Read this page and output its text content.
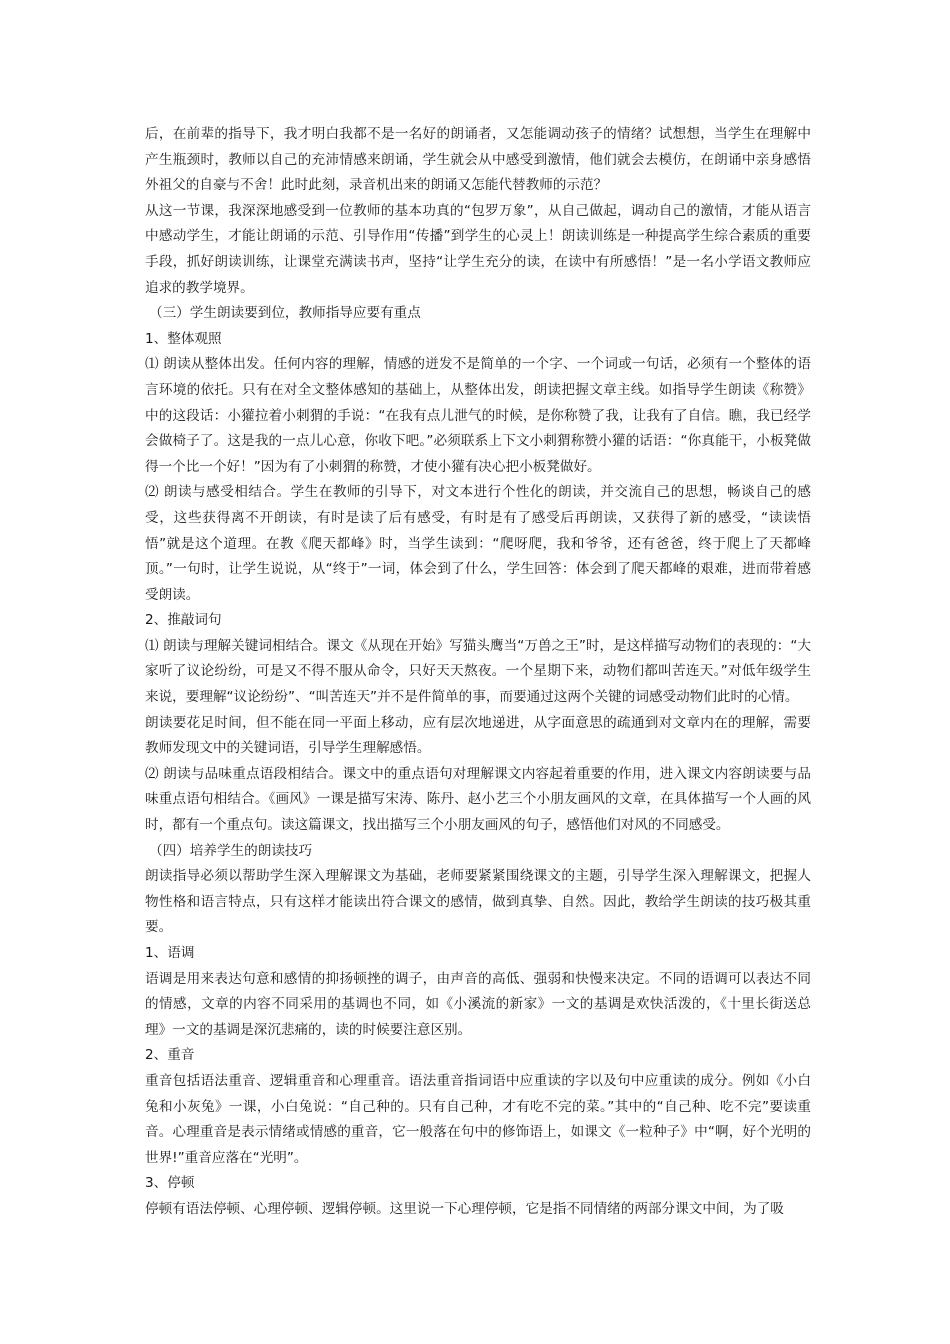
后，在前辈的指导下，我才明白我都不是一名好的朗诵者，又怎能调动孩子的情绪？试想想，当学生在理解中产生瓶颈时，教师以自己的充沛情感来朗诵，学生就会从中感受到激情，他们就会去模仿，在朗诵中亲身感悟外祖父的自豪与不舍！此时此刻，录音机出来的朗诵又怎能代替教师的示范？

从这一节课，我深深地感受到一位教师的基本功真的“包罗万象”，从自己做起，调动自己的激情，才能从语言中感动学生，才能让朗诵的示范、引导作用“传播”到学生的心灵上！朗读训练是一种提高学生综合素质的重要手段，抓好朗读训练，让课堂充满读书声，坚持“让学生充分的读，在读中有所感悟！”是一名小学语文教师应追求的教学境界。

（三）学生朗读要到位，教师指导应要有重点

1、整体观照

⑴ 朗读从整体出发。任何内容的理解，情感的迸发不是简单的一个字、一个词或一句话，必须有一个整体的语言环境的依托。只有在对全文整体感知的基础上，从整体出发，朗读把握文章主线。如指导学生朗读《称赞》中的这段话：小獾拉着小刺猬的手说：“在我有点儿泄气的时候，是你称赞了我，让我有了自信。瞧，我已经学会做椅子了。这是我的一点儿心意，你收下吧。”必须联系上下文小刺猬称赞小獾的话语：“你真能干，小板凳做得一个比一个好！”因为有了小刺猬的称赞，才使小獾有决心把小板凳做好。

⑵ 朗读与感受相结合。学生在教师的引导下，对文本进行个性化的朗读，并交流自己的思想，畅谈自己的感受，这些获得离不开朗读，有时是读了后有感受，有时是有了感受后再朗读，又获得了新的感受，“读读悟悟”就是这个道理。在教《爬天都峰》时，当学生读到：“爬呀爬，我和爷爷，还有爸爸，终于爬上了天都峰顶。”一句时，让学生说说，从“终于”一词，体会到了什么，学生回答：体会到了爬天都峰的艰难，进而带着感受朗读。

2、推敲词句

⑴ 朗读与理解关键词相结合。课文《从现在开始》写猫头鹰当“万兽之王”时，是这样描写动物们的表现的：“大家听了议论纷纷，可是又不得不服从命令，只好天天熬夜。一个星期下来，动物们都叫苦连天。”对低年级学生来说，要理解“议论纷纷”、“叫苦连天”并不是件简单的事，而要通过这两个关键的词感受动物们此时的心情。

朗读要花足时间，但不能在同一平面上移动，应有层次地递进，从字面意思的疏通到对文章内在的理解，需要教师发现文中的关键词语，引导学生理解感悟。

⑵ 朗读与品味重点语段相结合。课文中的重点语句对理解课文内容起着重要的作用，进入课文内容朗读要与品味重点语句相结合。《画风》一课是描写宋涛、陈丹、赵小艺三个小朋友画风的文章，在具体描写一个人画的风时，都有一个重点句。读这篇课文，找出描写三个小朋友画风的句子，感悟他们对风的不同感受。

（四）培养学生的朗读技巧

朗读指导必须以帮助学生深入理解课文为基础，老师要紧紧围绕课文的主题，引导学生深入理解课文，把握人物性格和语言特点，只有这样才能读出符合课文的感情，做到真挚、自然。因此，教给学生朗读的技巧极其重要。

1、语调

语调是用来表达句意和感情的抑扬顿挫的调子，由声音的高低、强弱和快慢来决定。不同的语调可以表达不同的情感，文章的内容不同采用的基调也不同，如《小溪流的新家》一文的基调是欢快活泼的，《十里长街送总理》一文的基调是深沉悲痛的，读的时候要注意区别。

2、重音

重音包括语法重音、逻辑重音和心理重音。语法重音指词语中应重读的字以及句中应重读的成分。例如《小白兔和小灰兔》一课，小白兔说：“自己种的。只有自己种，才有吃不完的菜。”其中的“自己种、吃不完”要读重音。心理重音是表示情绪或情感的重音，它一般落在句中的修饰语上，如课文《一粒种子》中“啊，好个光明的世界!”重音应落在“光明”。

3、停顿

停顿有语法停顿、心理停顿、逻辑停顿。这里说一下心理停顿，它是指不同情绪的两部分课文中间，为了吸
